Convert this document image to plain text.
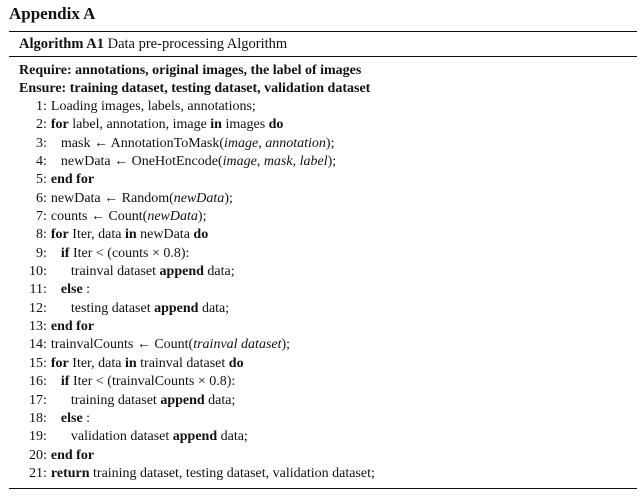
Appendix A
Algorithm A1 Data pre-processing Algorithm
Require: annotations, original images, the label of images
Ensure: training dataset, testing dataset, validation dataset
1: Loading images, labels, annotations;
2: for label, annotation, image in images do
3: mask ← AnnotationToMask(image, annotation);
4: newData ← OneHotEncode(image, mask, label);
5: end for
6: newData ← Random(newData);
7: counts ← Count(newData);
8: for Iter, data in newData do
9: if Iter < (counts × 0.8):
10: trainval dataset append data;
11: else :
12: testing dataset append data;
13: end for
14: trainvalCounts ← Count(trainval dataset);
15: for Iter, data in trainval dataset do
16: if Iter < (trainvalCounts × 0.8):
17: training dataset append data;
18: else :
19: validation dataset append data;
20: end for
21: return training dataset, testing dataset, validation dataset;
